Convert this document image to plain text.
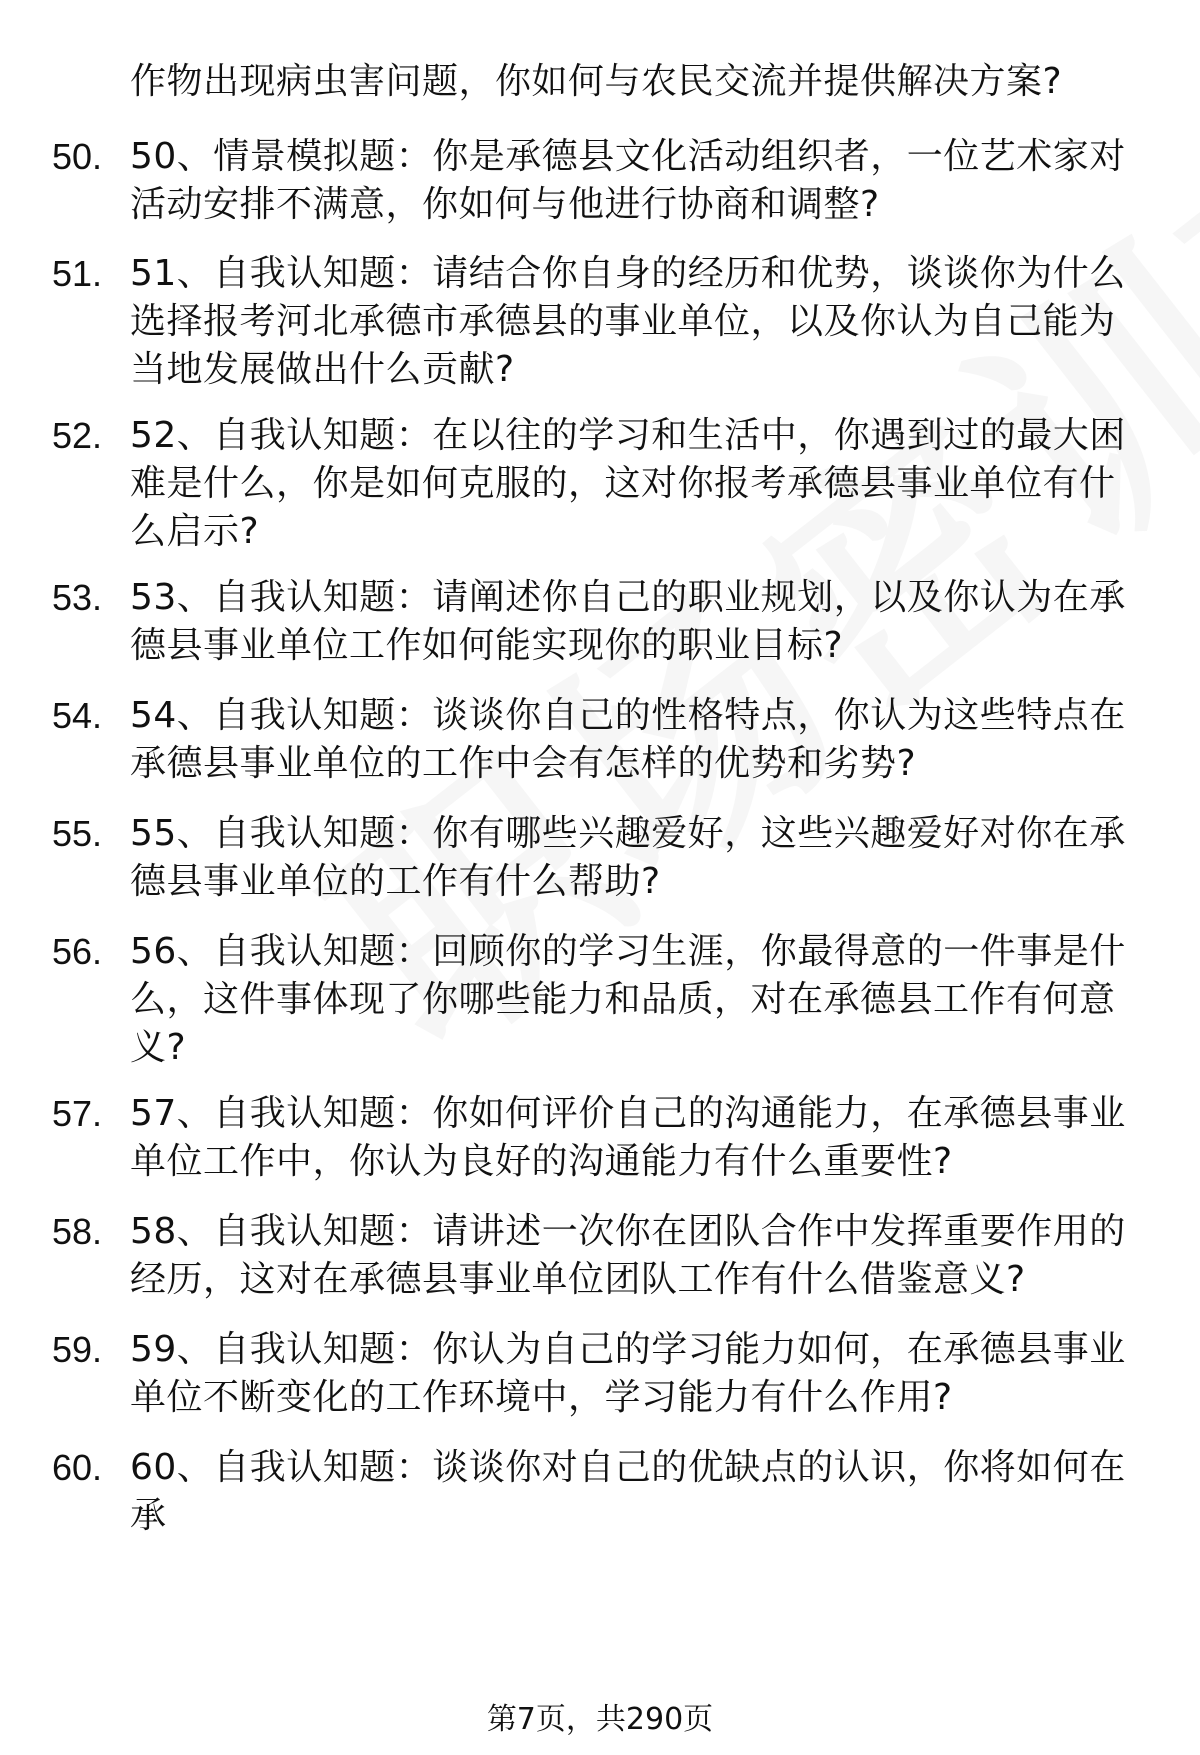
作物出现病虫害问题，你如何与农民交流并提供解决方案?
50. 50、情景模拟题：你是承德县文化活动组织者，一位艺术家对活动安排不满意，你如何与他进行协商和调整?
51. 51、自我认知题：请结合你自身的经历和优势，谈谈你为什么选择报考河北承德市承德县的事业单位，以及你认为自己能为当地发展做出什么贡献?
52. 52、自我认知题：在以往的学习和生活中，你遇到过的最大困难是什么，你是如何克服的，这对你报考承德县事业单位有什么启示?
53. 53、自我认知题：请阐述你自己的职业规划，以及你认为在承德县事业单位工作如何能实现你的职业目标?
54. 54、自我认知题：谈谈你自己的性格特点，你认为这些特点在承德县事业单位的工作中会有怎样的优势和劣势?
55. 55、自我认知题：你有哪些兴趣爱好，这些兴趣爱好对你在承德县事业单位的工作有什么帮助?
56. 56、自我认知题：回顾你的学习生涯，你最得意的一件事是什么，这件事体现了你哪些能力和品质，对在承德县工作有何意义?
57. 57、自我认知题：你如何评价自己的沟通能力，在承德县事业单位工作中，你认为良好的沟通能力有什么重要性?
58. 58、自我认知题：请讲述一次你在团队合作中发挥重要作用的经历，这对在承德县事业单位团队工作有什么借鉴意义?
59. 59、自我认知题：你认为自己的学习能力如何，在承德县事业单位不断变化的工作环境中，学习能力有什么作用?
60. 60、自我认知题：谈谈你对自己的优缺点的认识，你将如何在承
第7页，共290页
